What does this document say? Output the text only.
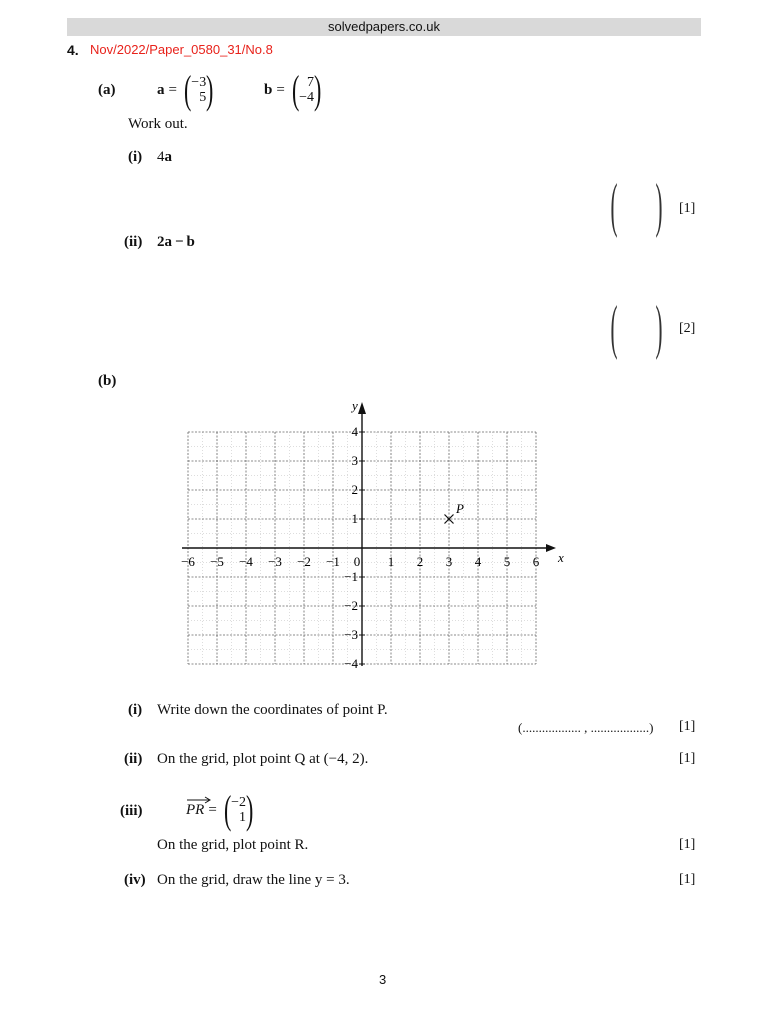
solvedpapers.co.uk
4. Nov/2022/Paper_0580_31/No.8
(a)	a = ( −3
5 )	b = ( 7
−4 )
Work out.
(i) 4a
( )	[1]
(ii) 2a − b
( )	[2]
(b)
x
y
−6 −5 −4 −3 −2 −1 0 1 2 3 4 5 6
4
3
2
1
−1
−2
−3
−4
P
(i) Write down the coordinates of point P.
(.................. , ..................) [1]
(ii) On the grid, plot point Q at (−4, 2).	[1]
(iii)	PR = ( −2
1 )
On the grid, plot point R.	[1]
(iv) On the grid, draw the line y = 3.	[1]
3
